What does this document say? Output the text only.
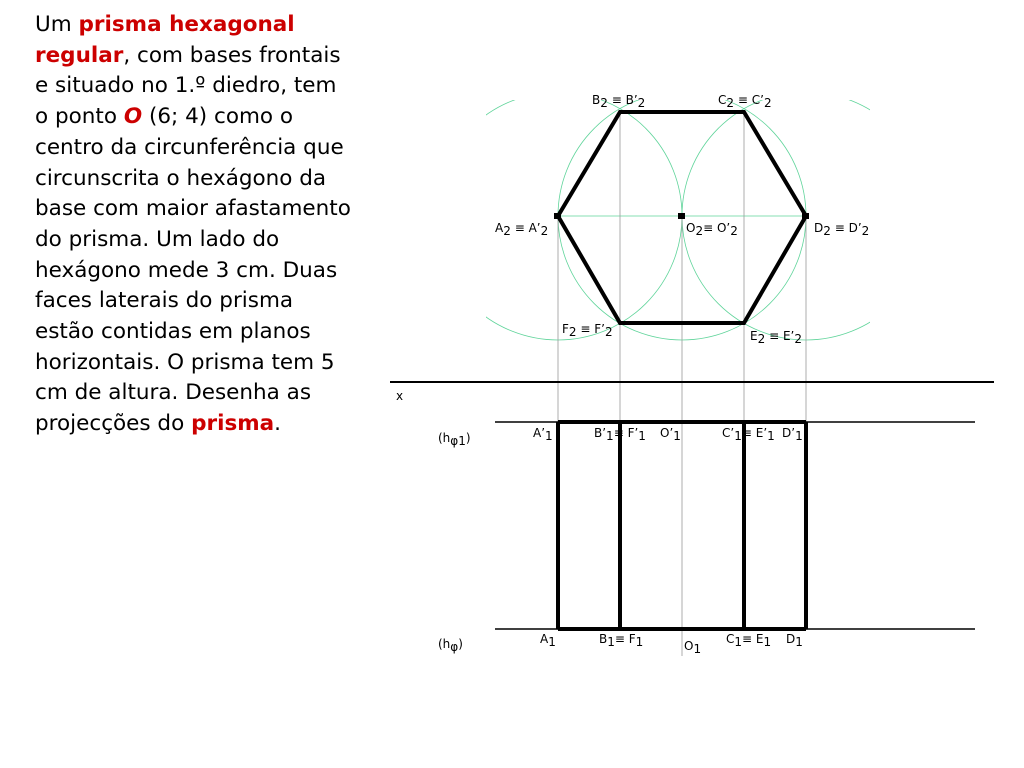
Um prisma hexagonal regular, com bases frontais e situado no 1.º diedro, tem o ponto O (6; 4) como o centro da circunferência que circunscrita o hexágono da base com maior afastamento do prisma. Um lado do hexágono mede 3 cm. Duas faces laterais do prisma estão contidas em planos horizontais. O prisma tem 5 cm de altura. Desenha as projecções do prisma.
B2 ≡ B’2	C2 ≡ C’2
A2 ≡ A’2	O2≡ O’2	D2 ≡ D’2
F2 ≡ F’2	E2 ≡ E’2
x
(hφ1)	A’1	B’1≡ F’1 O’1	C’1≡ E’1 D’1
(hφ)	A1	B1≡ F1	O1
C1≡ E1 D1
